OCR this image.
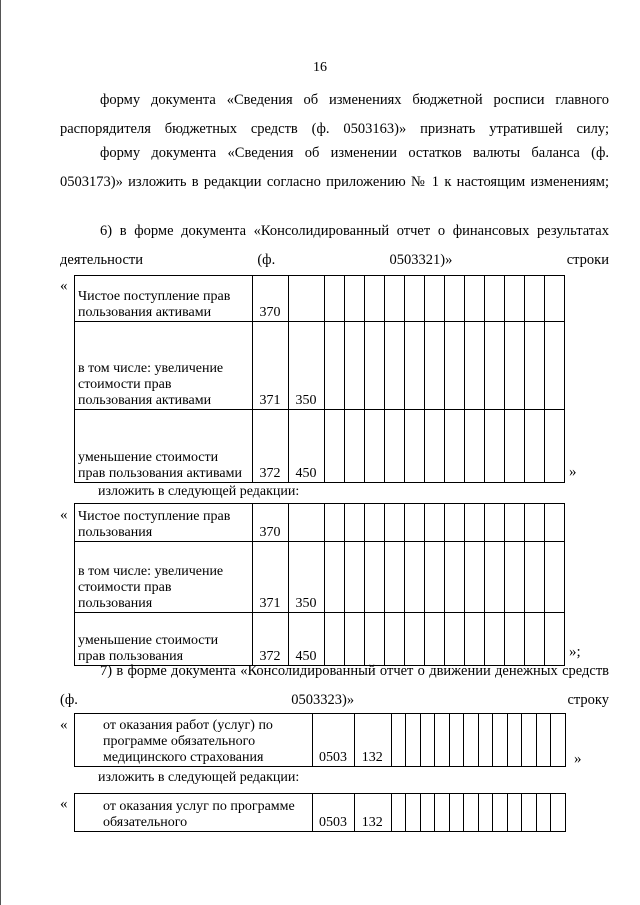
16

форму документа «Сведения об изменениях бюджетной росписи главного распорядителя бюджетных средств (ф. 0503163)» признать утратившей силу;

форму документа «Сведения об изменении остатков валюты баланса (ф. 0503173)» изложить в редакции согласно приложению № 1 к настоящим изменениям;

6) в форме документа «Консолидированный отчет о финансовых результатах деятельности (ф. 0503321)» строки

«
Чистое поступление прав пользования активами	370													
в том числе: увеличение стоимости прав пользования активами	371	350												
уменьшение стоимости прав пользования активами	372	450													»
изложить в следующей редакции:
« Чистое поступление прав пользования	370													
в том числе: увеличение стоимости прав пользования	371	350												
уменьшение стоимости прав пользования	372	450													»;

7) в форме документа «Консолидированный отчет о движении денежных средств (ф. 0503323)» строку

«	от оказания работ (услуг) по программе обязательного медицинского страхования	0503	132													»
изложить в следующей редакции:
«	от оказания услуг по программе обязательного	0503	132												
